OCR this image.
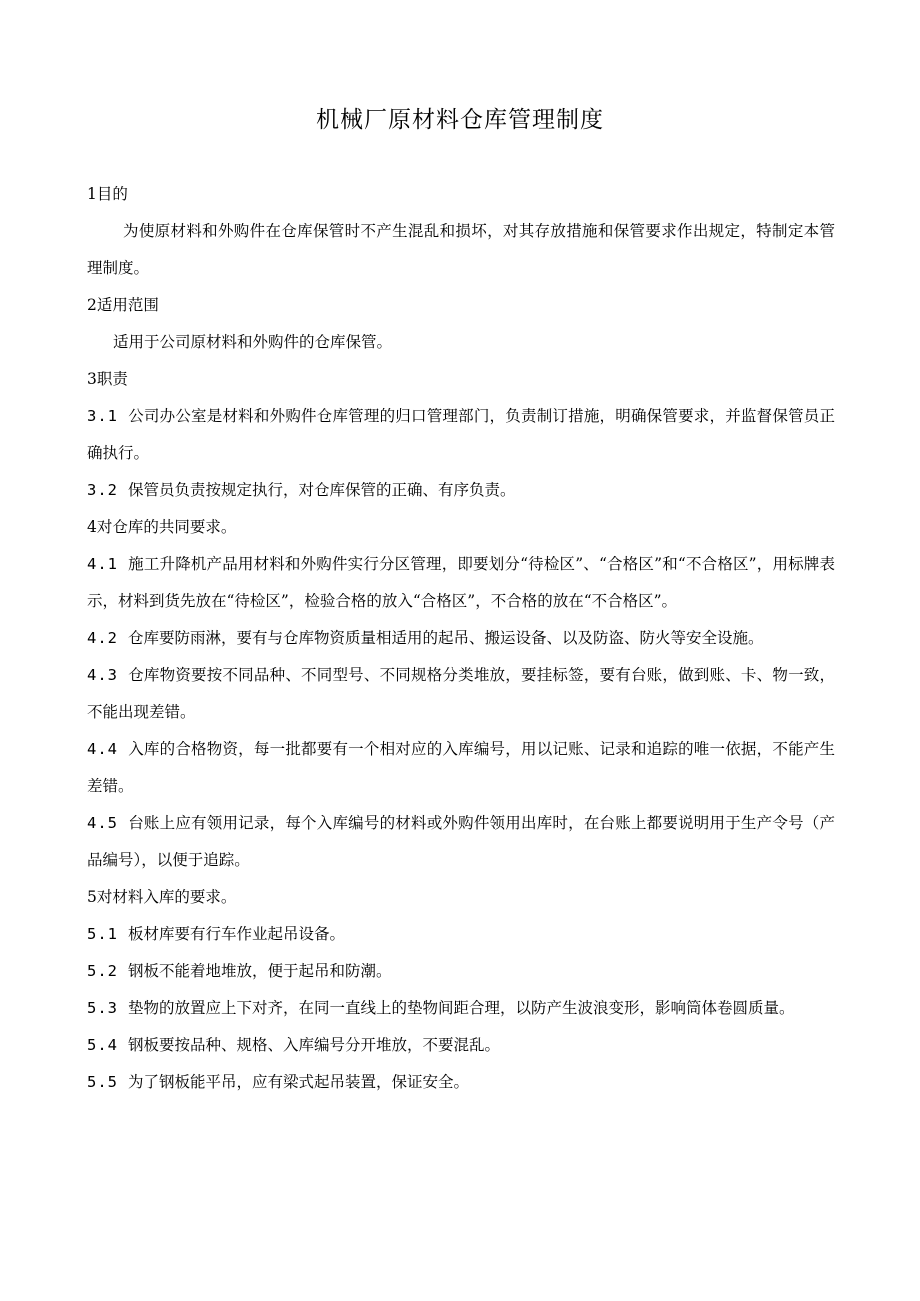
机械厂原材料仓库管理制度

1目的

为使原材料和外购件在仓库保管时不产生混乱和损坏，对其存放措施和保管要求作出规定，特制定本管理制度。

2适用范围

适用于公司原材料和外购件的仓库保管。

3职责

3.1 公司办公室是材料和外购件仓库管理的归口管理部门，负责制订措施，明确保管要求，并监督保管员正确执行。

3.2 保管员负责按规定执行，对仓库保管的正确、有序负责。

4对仓库的共同要求。

4.1 施工升降机产品用材料和外购件实行分区管理，即要划分“待检区”、“合格区”和“不合格区”，用标牌表示，材料到货先放在“待检区”，检验合格的放入“合格区”，不合格的放在“不合格区”。

4.2 仓库要防雨淋，要有与仓库物资质量相适用的起吊、搬运设备、以及防盗、防火等安全设施。

4.3 仓库物资要按不同品种、不同型号、不同规格分类堆放，要挂标签，要有台账，做到账、卡、物一致，不能出现差错。

4.4 入库的合格物资，每一批都要有一个相对应的入库编号，用以记账、记录和追踪的唯一依据，不能产生差错。

4.5 台账上应有领用记录，每个入库编号的材料或外购件领用出库时，在台账上都要说明用于生产令号（产品编号），以便于追踪。

5对材料入库的要求。

5.1 板材库要有行车作业起吊设备。

5.2 钢板不能着地堆放，便于起吊和防潮。

5.3 垫物的放置应上下对齐，在同一直线上的垫物间距合理，以防产生波浪变形，影响筒体卷圆质量。

5.4 钢板要按品种、规格、入库编号分开堆放，不要混乱。

5.5 为了钢板能平吊，应有梁式起吊装置，保证安全。
